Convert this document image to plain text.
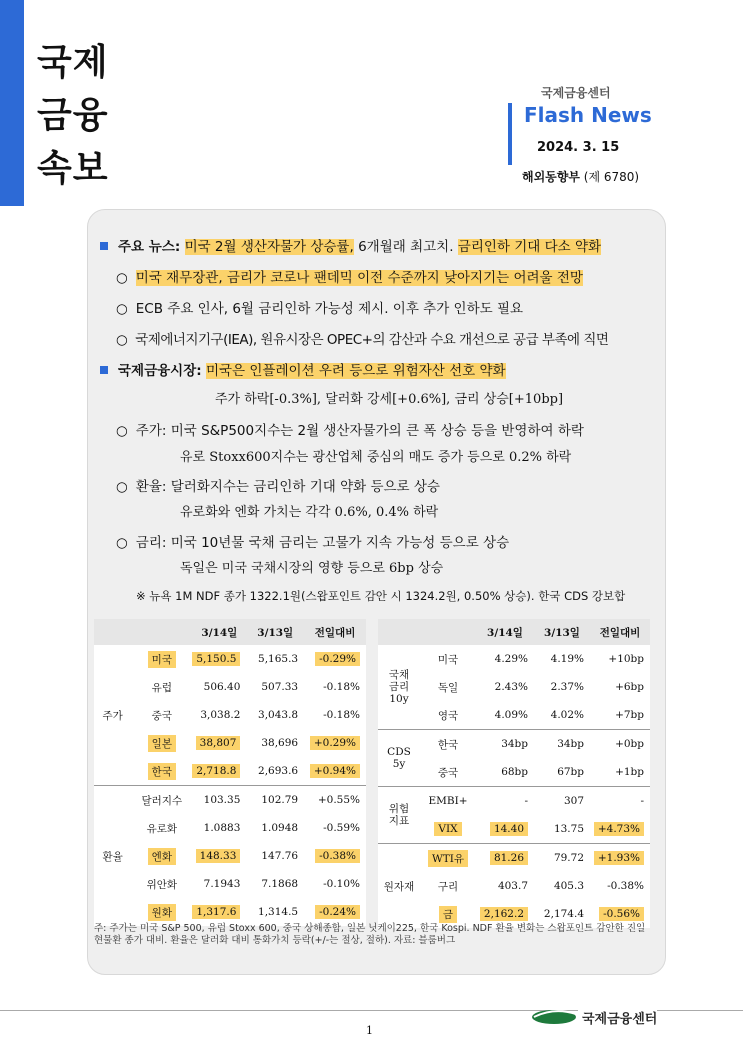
국제
금융
속보
국제금융센터
Flash News
2024. 3. 15
해외동향부 (제 6780)
주요 뉴스: 미국 2월 생산자물가 상승률, 6개월래 최고치. 금리인하 기대 다소 약화
○ 미국 재무장관, 금리가 코로나 팬데믹 이전 수준까지 낮아지기는 어려울 전망
○ ECB 주요 인사, 6월 금리인하 가능성 제시. 이후 추가 인하도 필요
○ 국제에너지기구(IEA), 원유시장은 OPEC+의 감산과 수요 개선으로 공급 부족에 직면
국제금융시장: 미국은 인플레이션 우려 등으로 위험자산 선호 약화
주가 하락[-0.3%], 달러화 강세[+0.6%], 금리 상승[+10bp]
○ 주가: 미국 S&P500지수는 2월 생산자물가의 큰 폭 상승 등을 반영하여 하락
유로 Stoxx600지수는 광산업체 중심의 매도 증가 등으로 0.2% 하락
○ 환율: 달러화지수는 금리인하 기대 약화 등으로 상승
유로화와 엔화 가치는 각각 0.6%, 0.4% 하락
○ 금리: 미국 10년물 국채 금리는 고물가 지속 가능성 등으로 상승
독일은 미국 국채시장의 영향 등으로 6bp 상승
※ 뉴욕 1M NDF 종가 1322.1원(스왑포인트 감안 시 1324.2원, 0.50% 상승). 한국 CDS 강보합
		3/14일	3/13일	전일대비
주가	미국	5,150.5	5,165.3	-0.29%
	유럽	506.40	507.33	-0.18%
	중국	3,038.2	3,043.8	-0.18%
	일본	38,807	38,696	+0.29%
	한국	2,718.8	2,693.6	+0.94%
환율	달러지수	103.35	102.79	+0.55%
	유로화	1.0883	1.0948	-0.59%
	엔화	148.33	147.76	-0.38%
	위안화	7.1943	7.1868	-0.10%
	원화	1,317.6	1,314.5	-0.24%
		3/14일	3/13일	전일대비
국채
금리
10y	미국	4.29%	4.19%	+10bp
	독일	2.43%	2.37%	+6bp
	영국	4.09%	4.02%	+7bp
CDS
5y	한국	34bp	34bp	+0bp
	중국	68bp	67bp	+1bp
위험
지표	EMBI+	-	307	-
	VIX	14.40	13.75	+4.73%
원자재	WTI유	81.26	79.72	+1.93%
	구리	403.7	405.3	-0.38%
	금	2,162.2	2,174.4	-0.56%
주: 주가는 미국 S&P 500, 유럽 Stoxx 600, 중국 상해종합, 일본 닛케이225, 한국 Kospi. NDF 환율 변화는 스왑포인트 감안한 진일 현물환 종가 대비. 환율은 달러화 대비 통화가치 등락(+/-는 절상, 절하). 자료: 블룸버그
국제금융센터
1
